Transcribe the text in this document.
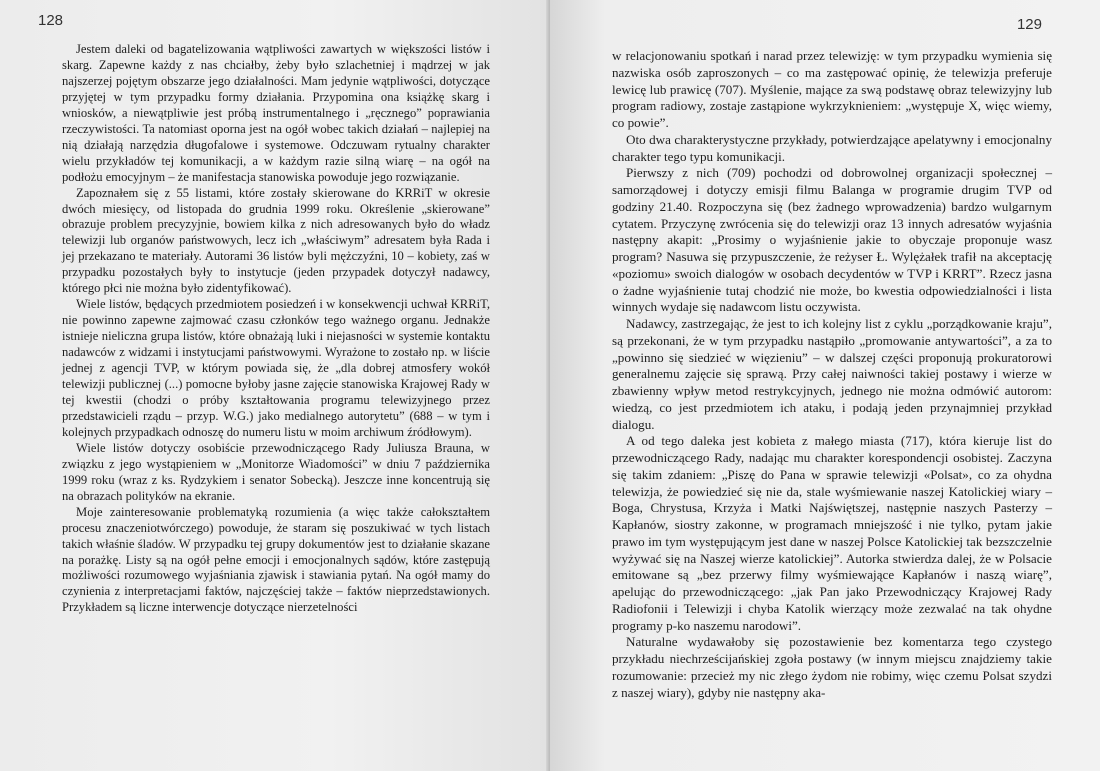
128

Jestem daleki od bagatelizowania wątpliwości zawartych w większości listów i skarg. Zapewne każdy z nas chciałby, żeby było szlachetniej i mądrzej w jak najszerzej pojętym obszarze jego działalności. Mam jedynie wątpliwości, dotyczące przyjętej w tym przypadku formy działania. Przypomina ona książkę skarg i wniosków, a niewątpliwie jest próbą instrumentalnego i „ręcznego” poprawiania rzeczywistości. Ta natomiast oporna jest na ogół wobec takich działań – najlepiej na nią działają narzędzia długofalowe i systemowe. Odczuwam rytualny charakter wielu przykładów tej komunikacji, a w każdym razie silną wiarę – na ogół na podłożu emocyjnym – że manifestacja stanowiska powoduje jego rozwiązanie.

Zapoznałem się z 55 listami, które zostały skierowane do KRRiT w okresie dwóch miesięcy, od listopada do grudnia 1999 roku. Określenie „skierowane” obrazuje problem precyzyjnie, bowiem kilka z nich adresowanych było do władz telewizji lub organów państwowych, lecz ich „właściwym” adresatem była Rada i jej przekazano te materiały. Autorami 36 listów byli mężczyźni, 10 – kobiety, zaś w przypadku pozostałych były to instytucje (jeden przypadek dotyczył nadawcy, którego płci nie można było zidentyfikować).

Wiele listów, będących przedmiotem posiedzeń i w konsekwencji uchwał KRRiT, nie powinno zapewne zajmować czasu członków tego ważnego organu. Jednakże istnieje nieliczna grupa listów, które obnażają luki i niejasności w systemie kontaktu nadawców z widzami i instytucjami państwowymi. Wyrażone to zostało np. w liście jednej z agencji TVP, w którym powiada się, że „dla dobrej atmosfery wokół telewizji publicznej (...) pomocne byłoby jasne zajęcie stanowiska Krajowej Rady w tej kwestii (chodzi o próby kształtowania programu telewizyjnego przez przedstawicieli rządu – przyp. W.G.) jako medialnego autorytetu” (688 – w tym i kolejnych przypadkach odnoszę do numeru listu w moim archiwum źródłowym).

Wiele listów dotyczy osobiście przewodniczącego Rady Juliusza Brauna, w związku z jego wystąpieniem w „Monitorze Wiadomości” w dniu 7 października 1999 roku (wraz z ks. Rydzykiem i senator Sobecką). Jeszcze inne koncentrują się na obrazach polityków na ekranie.

Moje zainteresowanie problematyką rozumienia (a więc także całokształtem procesu znaczeniotwórczego) powoduje, że staram się poszukiwać w tych listach takich właśnie śladów. W przypadku tej grupy dokumentów jest to działanie skazane na porażkę. Listy są na ogół pełne emocji i emocjonalnych sądów, które zastępują możliwości rozumowego wyjaśniania zjawisk i stawiania pytań. Na ogół mamy do czynienia z interpretacjami faktów, najczęściej także – faktów nieprzedstawionych. Przykładem są liczne interwencje dotyczące nierzetelności

129

w relacjonowaniu spotkań i narad przez telewizję: w tym przypadku wymienia się nazwiska osób zaproszonych – co ma zastępować opinię, że telewizja preferuje lewicę lub prawicę (707). Myślenie, mające za swą podstawę obraz telewizyjny lub program radiowy, zostaje zastąpione wykrzyknieniem: „występuje X, więc wiemy, co powie”.

Oto dwa charakterystyczne przykłady, potwierdzające apelatywny i emocjonalny charakter tego typu komunikacji.

Pierwszy z nich (709) pochodzi od dobrowolnej organizacji społecznej – samorządowej i dotyczy emisji filmu Balanga w programie drugim TVP od godziny 21.40. Rozpoczyna się (bez żadnego wprowadzenia) bardzo wulgarnym cytatem. Przyczynę zwrócenia się do telewizji oraz 13 innych adresatów wyjaśnia następny akapit: „Prosimy o wyjaśnienie jakie to obyczaje proponuje wasz program? Nasuwa się przypuszczenie, że reżyser Ł. Wylężałek trafił na akceptację «poziomu» swoich dialogów w osobach decydentów w TVP i KRRT”. Rzecz jasna o żadne wyjaśnienie tutaj chodzić nie może, bo kwestia odpowiedzialności i lista winnych wydaje się nadawcom listu oczywista.

Nadawcy, zastrzegając, że jest to ich kolejny list z cyklu „porządkowanie kraju”, są przekonani, że w tym przypadku nastąpiło „promowanie antywartości”, a za to „powinno się siedzieć w więzieniu” – w dalszej części proponują prokuratorowi generalnemu zajęcie się sprawą. Przy całej naiwności takiej postawy i wierze w zbawienny wpływ metod restrykcyjnych, jednego nie można odmówić autorom: wiedzą, co jest przedmiotem ich ataku, i podają jeden przynajmniej przykład dialogu.

A od tego daleka jest kobieta z małego miasta (717), która kieruje list do przewodniczącego Rady, nadając mu charakter korespondencji osobistej. Zaczyna się takim zdaniem: „Piszę do Pana w sprawie telewizji «Polsat», co za ohydna telewizja, że powiedzieć się nie da, stale wyśmiewanie naszej Katolickiej wiary – Boga, Chrystusa, Krzyża i Matki Najświętszej, następnie naszych Pasterzy – Kapłanów, siostry zakonne, w programach mniejszość i nie tylko, pytam jakie prawo im tym występującym jest dane w naszej Polsce Katolickiej tak bezszczelnie wyżywać się na Naszej wierze katolickiej”. Autorka stwierdza dalej, że w Polsacie emitowane są „bez przerwy filmy wyśmiewające Kapłanów i naszą wiarę”, apelując do przewodniczącego: „jak Pan jako Przewodniczący Krajowej Rady Radiofonii i Telewizji i chyba Katolik wierzący może zezwalać na tak ohydne programy p-ko naszemu narodowi”.

Naturalne wydawałoby się pozostawienie bez komentarza tego czystego przykładu niechrześcijańskiej zgoła postawy (w innym miejscu znajdziemy takie rozumowanie: przecież my nic złego żydom nie robimy, więc czemu Polsat szydzi z naszej wiary), gdyby nie następny aka-
